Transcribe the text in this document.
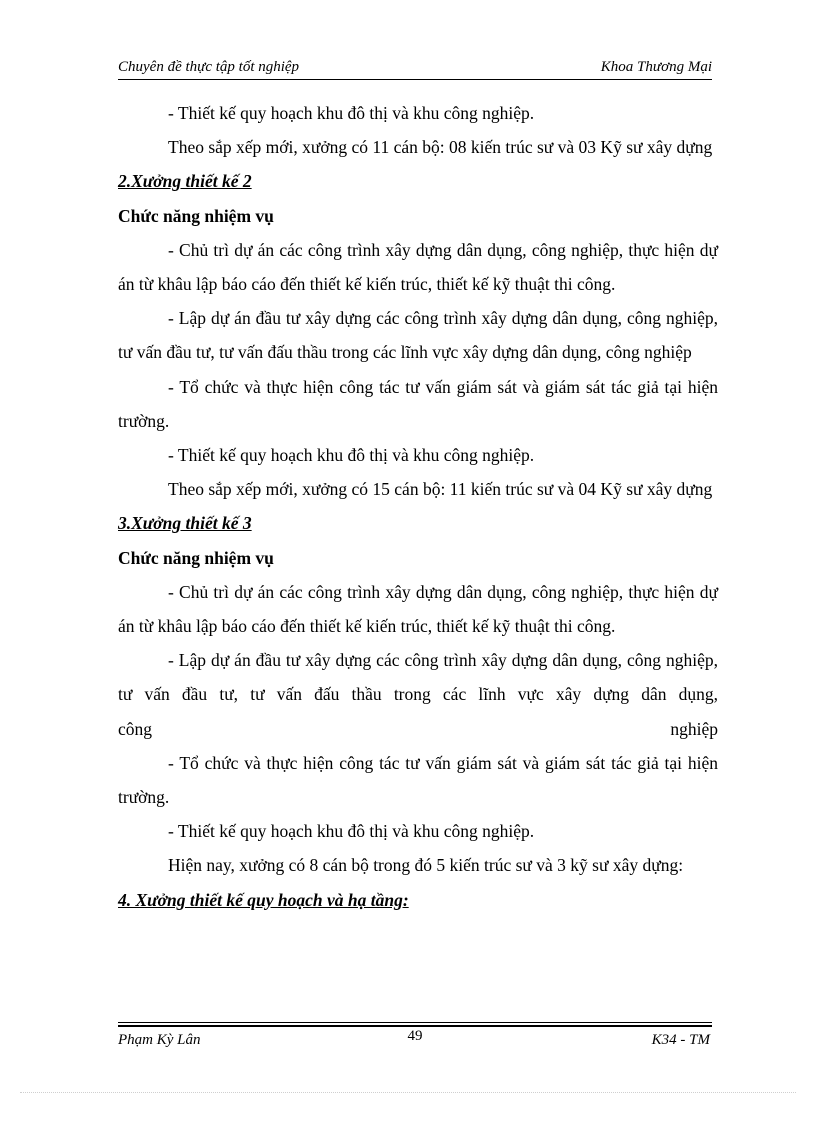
Chuyên đề thực tập tốt nghiệp	Khoa Thương Mại

- Thiết kế quy hoạch khu đô thị và khu công nghiệp.

Theo sắp xếp mới, xưởng có 11 cán bộ: 08 kiến trúc sư và 03 Kỹ sư xây dựng

2.Xưởng thiết kế 2

Chức năng nhiệm vụ

- Chủ trì dự án các công trình xây dựng dân dụng, công nghiệp, thực hiện dự án từ khâu lập báo cáo đến thiết kế kiến trúc, thiết kế kỹ thuật thi công.

- Lập dự án đầu tư xây dựng các công trình xây dựng dân dụng, công nghiệp, tư vấn đầu tư, tư vấn đấu thầu trong các lĩnh vực xây dựng dân dụng, công nghiệp

- Tổ chức và thực hiện công tác tư vấn giám sát và giám sát tác giả tại hiện trường.

- Thiết kế quy hoạch khu đô thị và khu công nghiệp.

Theo sắp xếp mới, xưởng có 15 cán bộ: 11 kiến trúc sư và 04 Kỹ sư xây dựng

3.Xưởng thiết kế 3

Chức năng nhiệm vụ

- Chủ trì dự án các công trình xây dựng dân dụng, công nghiệp, thực hiện dự án từ khâu lập báo cáo đến thiết kế kiến trúc, thiết kế kỹ thuật thi công.

- Lập dự án đầu tư xây dựng các công trình xây dựng dân dụng, công nghiệp, tư vấn đầu tư, tư vấn đấu thầu trong các lĩnh vực xây dựng dân dụng,

công	nghiệp

- Tổ chức và thực hiện công tác tư vấn giám sát và giám sát tác giả tại hiện trường.

- Thiết kế quy hoạch khu đô thị và khu công nghiệp.

Hiện nay, xưởng có 8 cán bộ trong đó 5 kiến trúc sư và 3 kỹ sư xây dựng:

4. Xưởng thiết kế quy hoạch và hạ tầng:

Phạm Kỳ Lân	49	K34 - TM
